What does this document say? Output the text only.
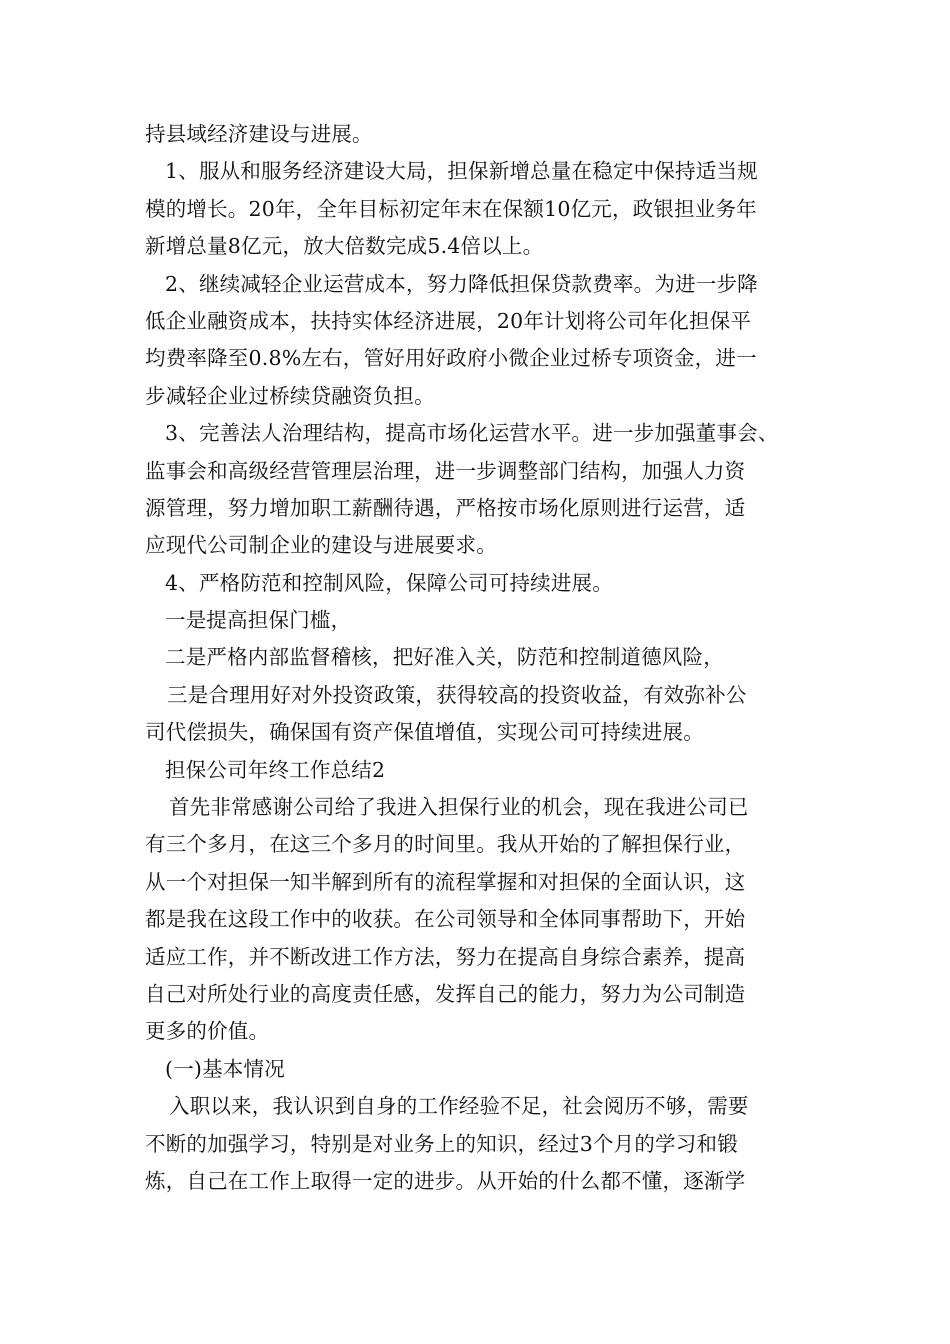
持县域经济建设与进展。
1、服从和服务经济建设大局，担保新增总量在稳定中保持适当规
模的增长。20年，全年目标初定年末在保额10亿元，政银担业务年
新增总量8亿元，放大倍数完成5.4倍以上。
2、继续减轻企业运营成本，努力降低担保贷款费率。为进一步降
低企业融资成本，扶持实体经济进展，20年计划将公司年化担保平
均费率降至0.8%左右，管好用好政府小微企业过桥专项资金，进一
步减轻企业过桥续贷融资负担。
3、完善法人治理结构，提高市场化运营水平。进一步加强董事会、
监事会和高级经营管理层治理，进一步调整部门结构，加强人力资
源管理，努力增加职工薪酬待遇，严格按市场化原则进行运营，适
应现代公司制企业的建设与进展要求。
4、严格防范和控制风险，保障公司可持续进展。
一是提高担保门槛，
二是严格内部监督稽核，把好准入关，防范和控制道德风险，
三是合理用好对外投资政策，获得较高的投资收益，有效弥补公
司代偿损失，确保国有资产保值增值，实现公司可持续进展。
担保公司年终工作总结2
首先非常感谢公司给了我进入担保行业的机会，现在我进公司已
有三个多月，在这三个多月的时间里。我从开始的了解担保行业，
从一个对担保一知半解到所有的流程掌握和对担保的全面认识，这
都是我在这段工作中的收获。在公司领导和全体同事帮助下，开始
适应工作，并不断改进工作方法，努力在提高自身综合素养，提高
自己对所处行业的高度责任感，发挥自己的能力，努力为公司制造
更多的价值。
(一)基本情况
入职以来，我认识到自身的工作经验不足，社会阅历不够，需要
不断的加强学习，特别是对业务上的知识，经过3个月的学习和锻
炼，自己在工作上取得一定的进步。从开始的什么都不懂，逐渐学
